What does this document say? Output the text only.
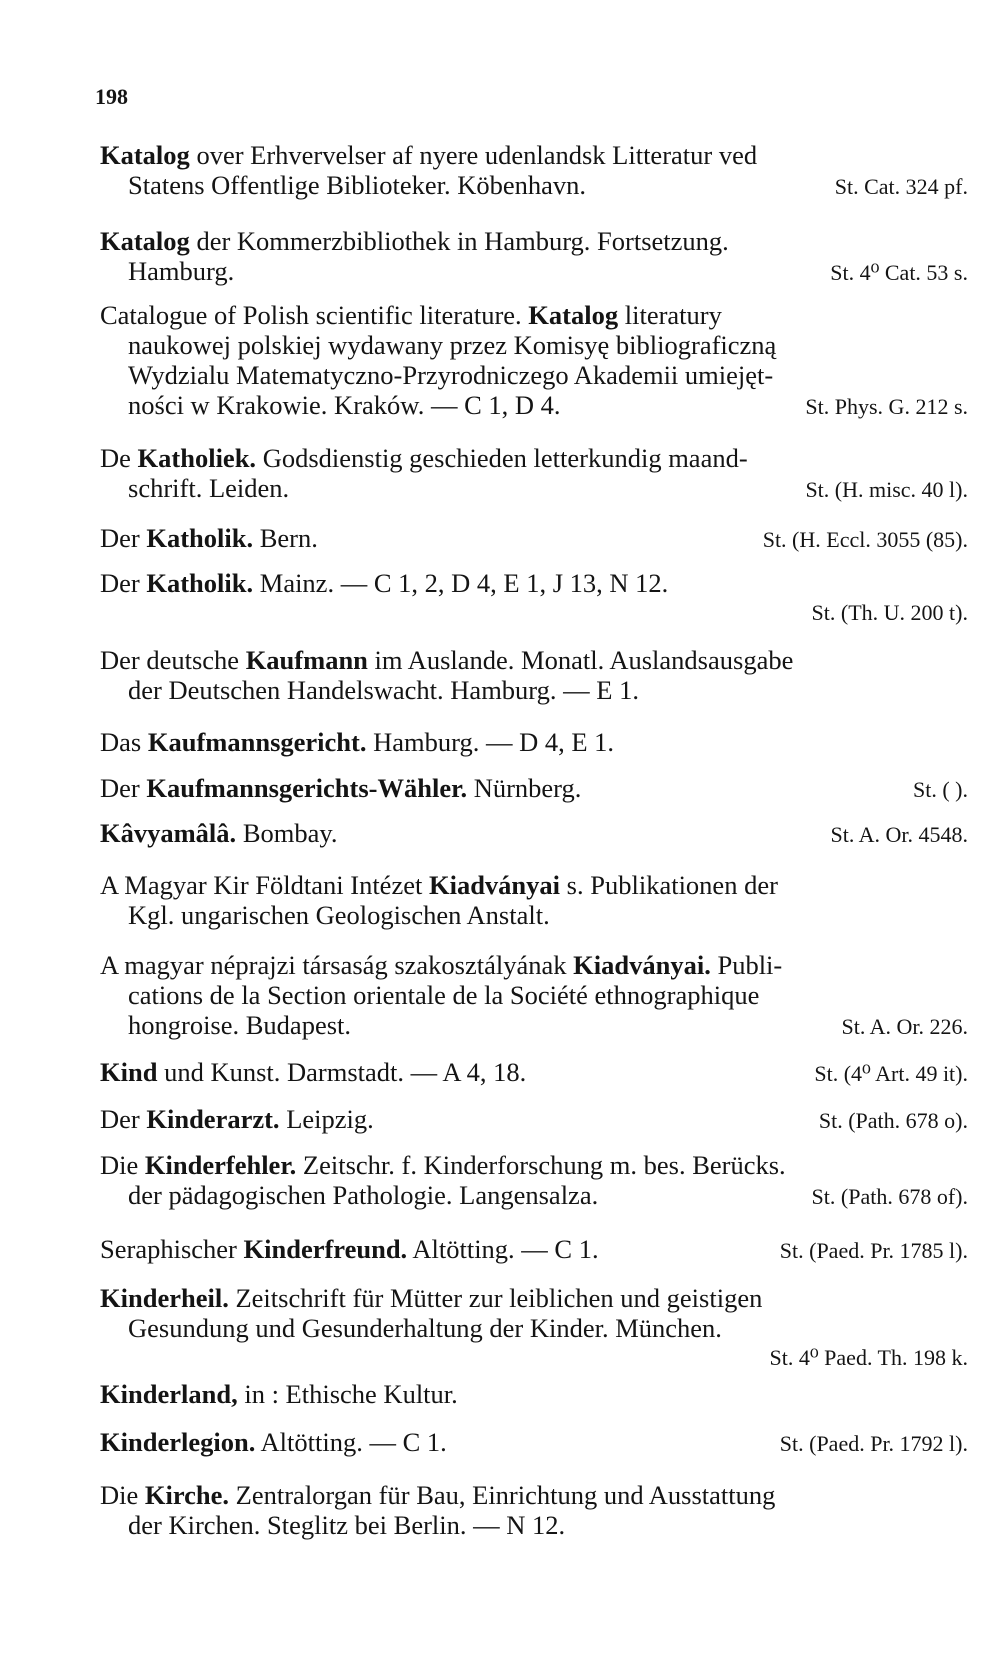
198
Katalog over Erhvervelser af nyere udenlandsk Litteratur ved
Statens Offentlige Biblioteker. Köbenhavn.	St. Cat. 324 pf.
Katalog der Kommerzbibliothek in Hamburg. Fortsetzung.
Hamburg.	St. 4⁰ Cat. 53 s.
Catalogue of Polish scientific literature. Katalog literatury
naukowej polskiej wydawany przez Komisyę bibliograficzną
Wydzialu Matematyczno-Przyrodniczego Akademii umiejęt-
ności w Krakowie. Kraków. — C 1, D 4.	St. Phys. G. 212 s.
De Katholiek. Godsdienstig geschieden letterkundig maand-
schrift. Leiden.	St. (H. misc. 40 l).
Der Katholik. Bern.	St. (H. Eccl. 3055 (85).
Der Katholik. Mainz. — C 1, 2, D 4, E 1, J 13, N 12.
St. (Th. U. 200 t).
Der deutsche Kaufmann im Auslande. Monatl. Auslandsausgabe
der Deutschen Handelswacht. Hamburg. — E 1.
Das Kaufmannsgericht. Hamburg. — D 4, E 1.
Der Kaufmannsgerichts-Wähler. Nürnberg.	St. ( ).
Kâvyamâlâ. Bombay.	St. A. Or. 4548.
A Magyar Kir Földtani Intézet Kiadványai s. Publikationen der
Kgl. ungarischen Geologischen Anstalt.
A magyar néprajzi társaság szakosztályának Kiadványai. Publi-
cations de la Section orientale de la Société ethnographique
hongroise. Budapest.	St. A. Or. 226.
Kind und Kunst. Darmstadt. — A 4, 18.	St. (4⁰ Art. 49 it).
Der Kinderarzt. Leipzig.	St. (Path. 678 o).
Die Kinderfehler. Zeitschr. f. Kinderforschung m. bes. Berücks.
der pädagogischen Pathologie. Langensalza.	St. (Path. 678 of).
Seraphischer Kinderfreund. Altötting. — C 1.	St. (Paed. Pr. 1785 l).
Kinderheil. Zeitschrift für Mütter zur leiblichen und geistigen
Gesundung und Gesunderhaltung der Kinder. München.
St. 4⁰ Paed. Th. 198 k.
Kinderland, in : Ethische Kultur.
Kinderlegion. Altötting. — C 1.	St. (Paed. Pr. 1792 l).
Die Kirche. Zentralorgan für Bau, Einrichtung und Ausstattung
der Kirchen. Steglitz bei Berlin. — N 12.
